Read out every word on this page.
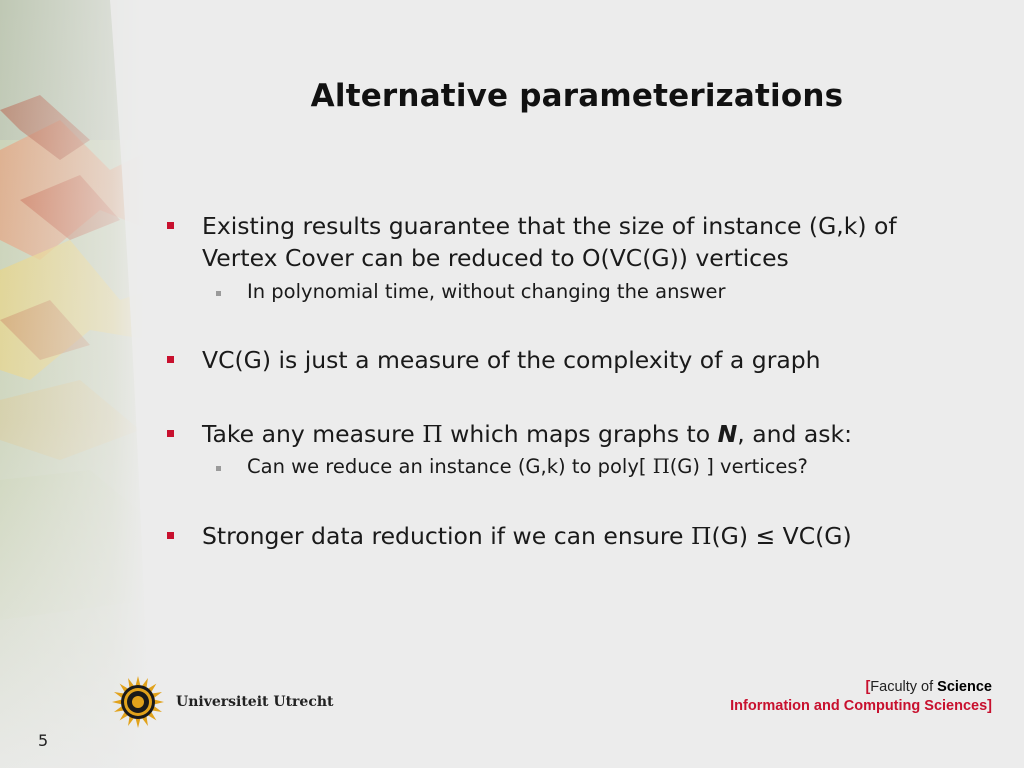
Alternative parameterizations
Existing results guarantee that the size of instance (G,k) of
Vertex Cover can be reduced to O(VC(G)) vertices
In polynomial time, without changing the answer
VC(G) is just a measure of the complexity of a graph
Take any measure Π which maps graphs to N, and ask:
Can we reduce an instance (G,k) to poly[ Π(G) ] vertices?
Stronger data reduction if we can ensure Π(G) ≤ VC(G)
Universiteit Utrecht
[Faculty of Science
Information and Computing Sciences]
5
